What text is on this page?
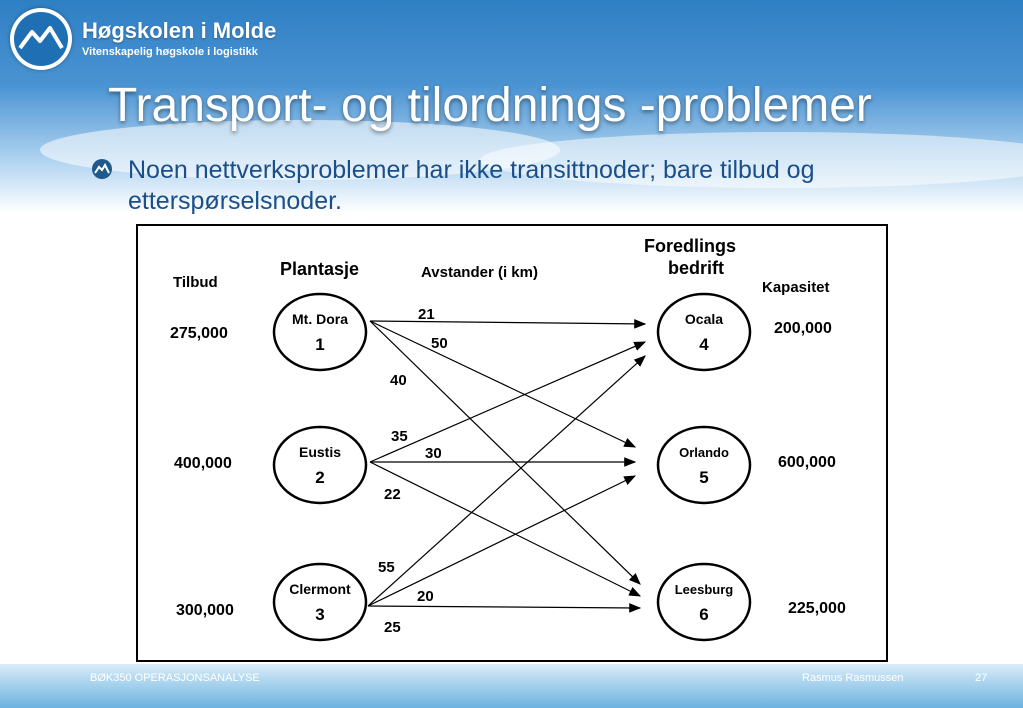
Høgskolen i Molde
Vitenskapelig høgskole i logistikk
Transport- og tilordnings -problemer
Noen nettverksproblemer har ikke transittnoder; bare tilbud og etterspørselsnoder.
21
50
40
35
30
22
55
20
25
Mt. Dora
1
Eustis
2
Clermont
3
Ocala
4
Orlando
5
Leesburg
6
Tilbud
Plantasje	Avstander (i km)
Foredlings
bedrift
Kapasitet
275,000
400,000
300,000
200,000
600,000
225,000
BØK350 OPERASJONSANALYSE	Rasmus Rasmussen	27
